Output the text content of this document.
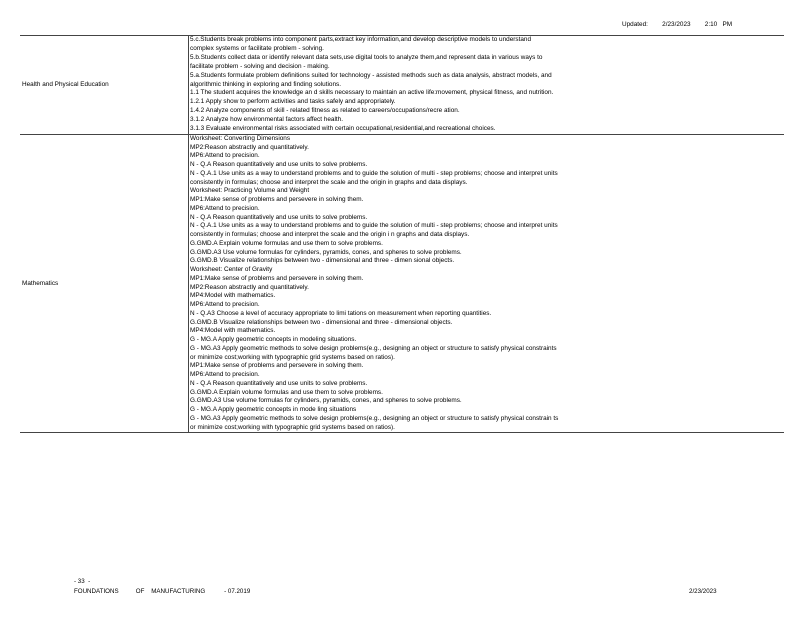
Updated:        2/23/2023        2:10   PM
Health and Physical Education
5.c.Students break problems into component parts,extract key information,and develop descriptive models to understand
complex systems or facilitate problem - solving.
5.b.Students collect data or identify relevant data sets,use digital tools to analyze them,and represent data in various ways to
facilitate problem - solving and decision - making.
5.a.Students formulate problem definitions suited for technology - assisted methods such as data analysis, abstract models, and
algorithmic thinking in exploring and finding solutions.
1.1 The student acquires the knowledge an d skills necessary to maintain an active life:movement, physical fitness, and nutrition.
1.2.1 Apply show to perform activities and tasks safely and appropriately.
1.4.2 Analyze components of skill - related fitness as related to careers/occupations/recre ation.
3.1.2 Analyze how environmental factors affect health.
3.1.3 Evaluate environmental risks associated with certain occupational,residential,and recreational choices.
Mathematics
Worksheet: Converting Dimensions
MP2:Reason abstractly and quantitatively.
MP6:Attend to precision.
N - Q.A Reason quantitatively and use units to solve problems.
N - Q.A.1 Use units as a way to understand problems and to guide the solution of multi - step problems; choose and interpret units
consistently in formulas; choose and interpret the scale and the origin in graphs and data displays.
Worksheet: Practicing Volume and Weight
MP1:Make sense of problems and persevere in solving them.
MP6:Attend to precision.
N - Q.A Reason quantitatively and use units to solve problems.
N - Q.A.1 Use units as a way to understand problems and to guide the solution of multi - step problems; choose and interpret units
consistently in formulas; choose and interpret the scale and the origin i n graphs and data displays.
G.GMD.A Explain volume formulas and use them to solve problems.
G.GMD.A3 Use volume formulas for cylinders, pyramids, cones, and spheres to solve problems.
G.GMD.B Visualize relationships between two - dimensional and three - dimen sional objects.
Worksheet: Center of Gravity
MP1:Make sense of problems and persevere in solving them.
MP2:Reason abstractly and quantitatively.
MP4:Model with mathematics.
MP6:Attend to precision.
N - Q.A3 Choose a level of accuracy appropriate to limi tations on measurement when reporting quantities.
G.GMD.B Visualize relationships between two - dimensional and three - dimensional objects.
MP4:Model with mathematics.
G - MG.A Apply geometric concepts in modeling situations.
G - MG.A3 Apply geometric methods to solve design problems(e.g., designing an object or structure to satisfy physical constraints
or minimize cost;working with typographic grid systems based on ratios).
MP1:Make sense of problems and persevere in solving them.
MP6:Attend to precision.
N - Q.A Reason quantitatively and use units to solve problems.
G.GMD.A Explain volume formulas and use them to solve problems.
G.GMD.A3 Use volume formulas for cylinders, pyramids, cones, and spheres to solve problems.
G - MG.A Apply geometric concepts in mode ling situations
G - MG.A3 Apply geometric methods to solve design problems(e.g., designing an object or structure to satisfy physical constrain ts
or minimize cost;working with typographic grid systems based on ratios).
- 33  -
FOUNDATIONS          OF    MANUFACTURING           - 07.2019	2/23/2023
